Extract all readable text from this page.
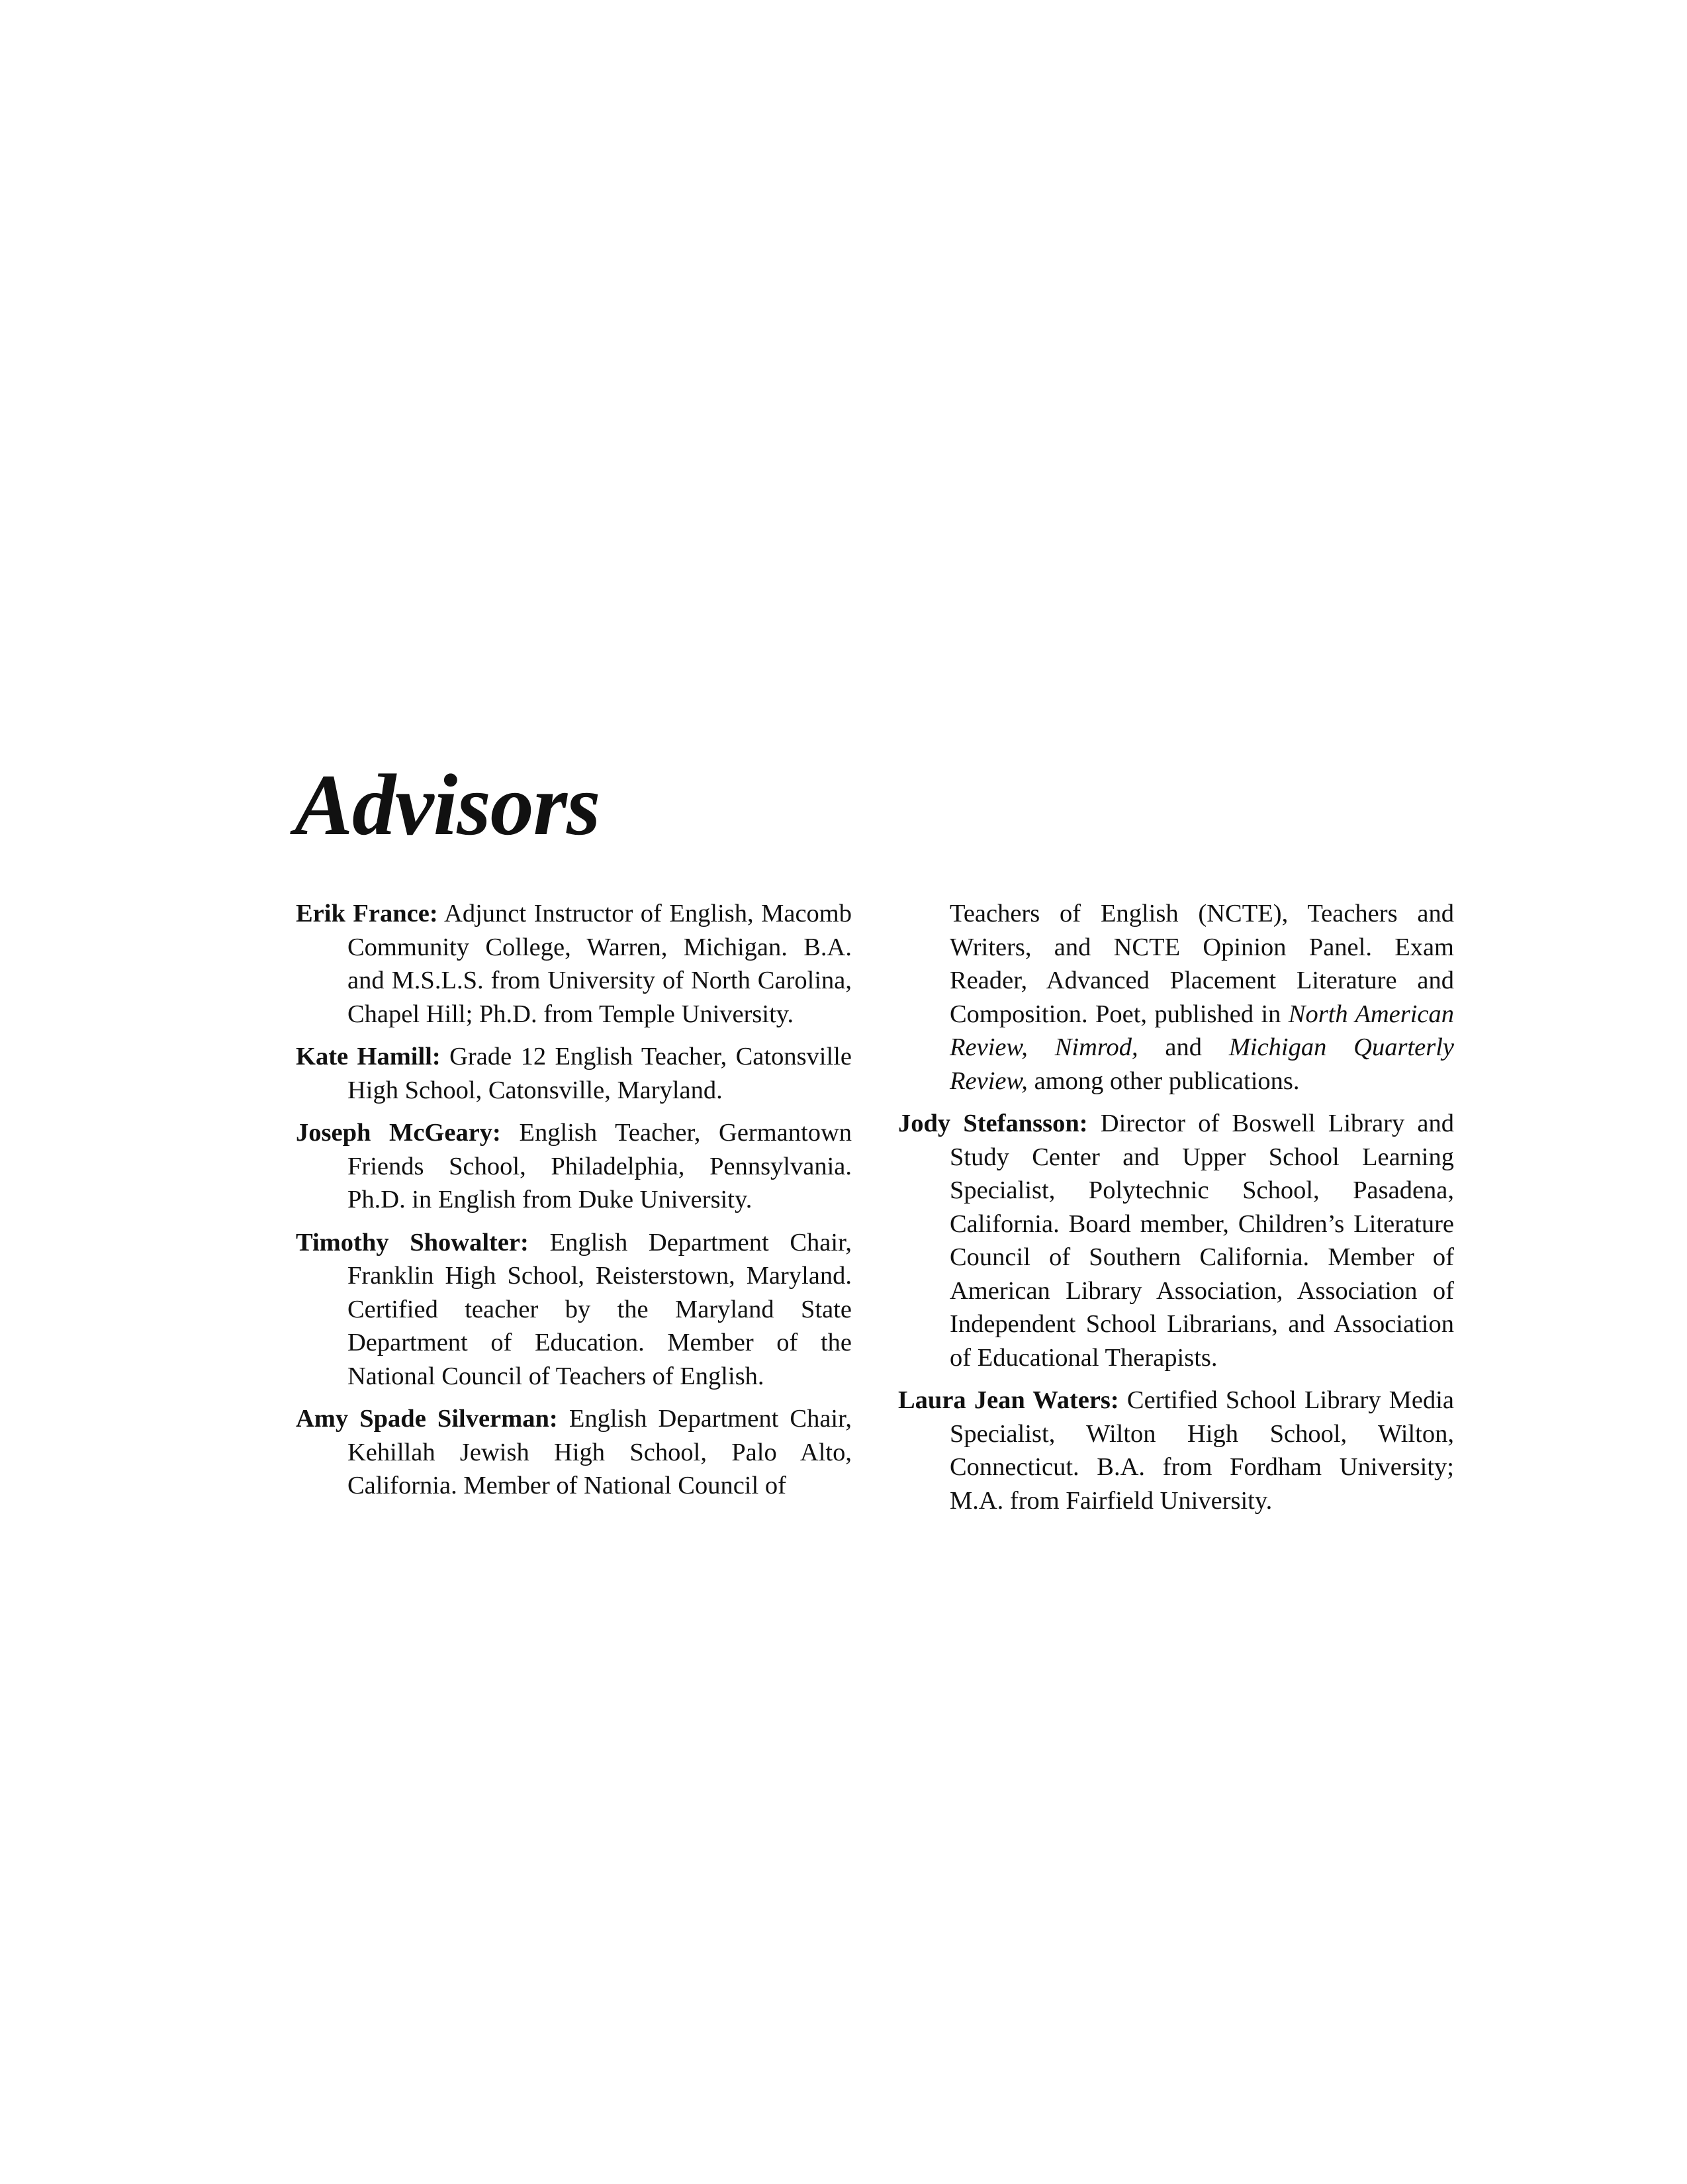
Advisors

Erik France: Adjunct Instructor of English, Macomb Community College, Warren, Michigan. B.A. and M.S.L.S. from University of North Carolina, Chapel Hill; Ph.D. from Temple University.

Kate Hamill: Grade 12 English Teacher, Catonsville High School, Catonsville, Maryland.

Joseph McGeary: English Teacher, Germantown Friends School, Philadelphia, Pennsylvania. Ph.D. in English from Duke University.

Timothy Showalter: English Department Chair, Franklin High School, Reisterstown, Maryland. Certified teacher by the Maryland State Department of Education. Member of the National Council of Teachers of English.

Amy Spade Silverman: English Department Chair, Kehillah Jewish High School, Palo Alto, California. Member of National Council of

Teachers of English (NCTE), Teachers and Writers, and NCTE Opinion Panel. Exam Reader, Advanced Placement Literature and Composition. Poet, published in North American Review, Nimrod, and Michigan Quarterly Review, among other publications.

Jody Stefansson: Director of Boswell Library and Study Center and Upper School Learning Specialist, Polytechnic School, Pasadena, California. Board member, Children’s Literature Council of Southern California. Member of American Library Association, Association of Independent School Librarians, and Association of Educational Therapists.

Laura Jean Waters: Certified School Library Media Specialist, Wilton High School, Wilton, Connecticut. B.A. from Fordham University; M.A. from Fairfield University.
